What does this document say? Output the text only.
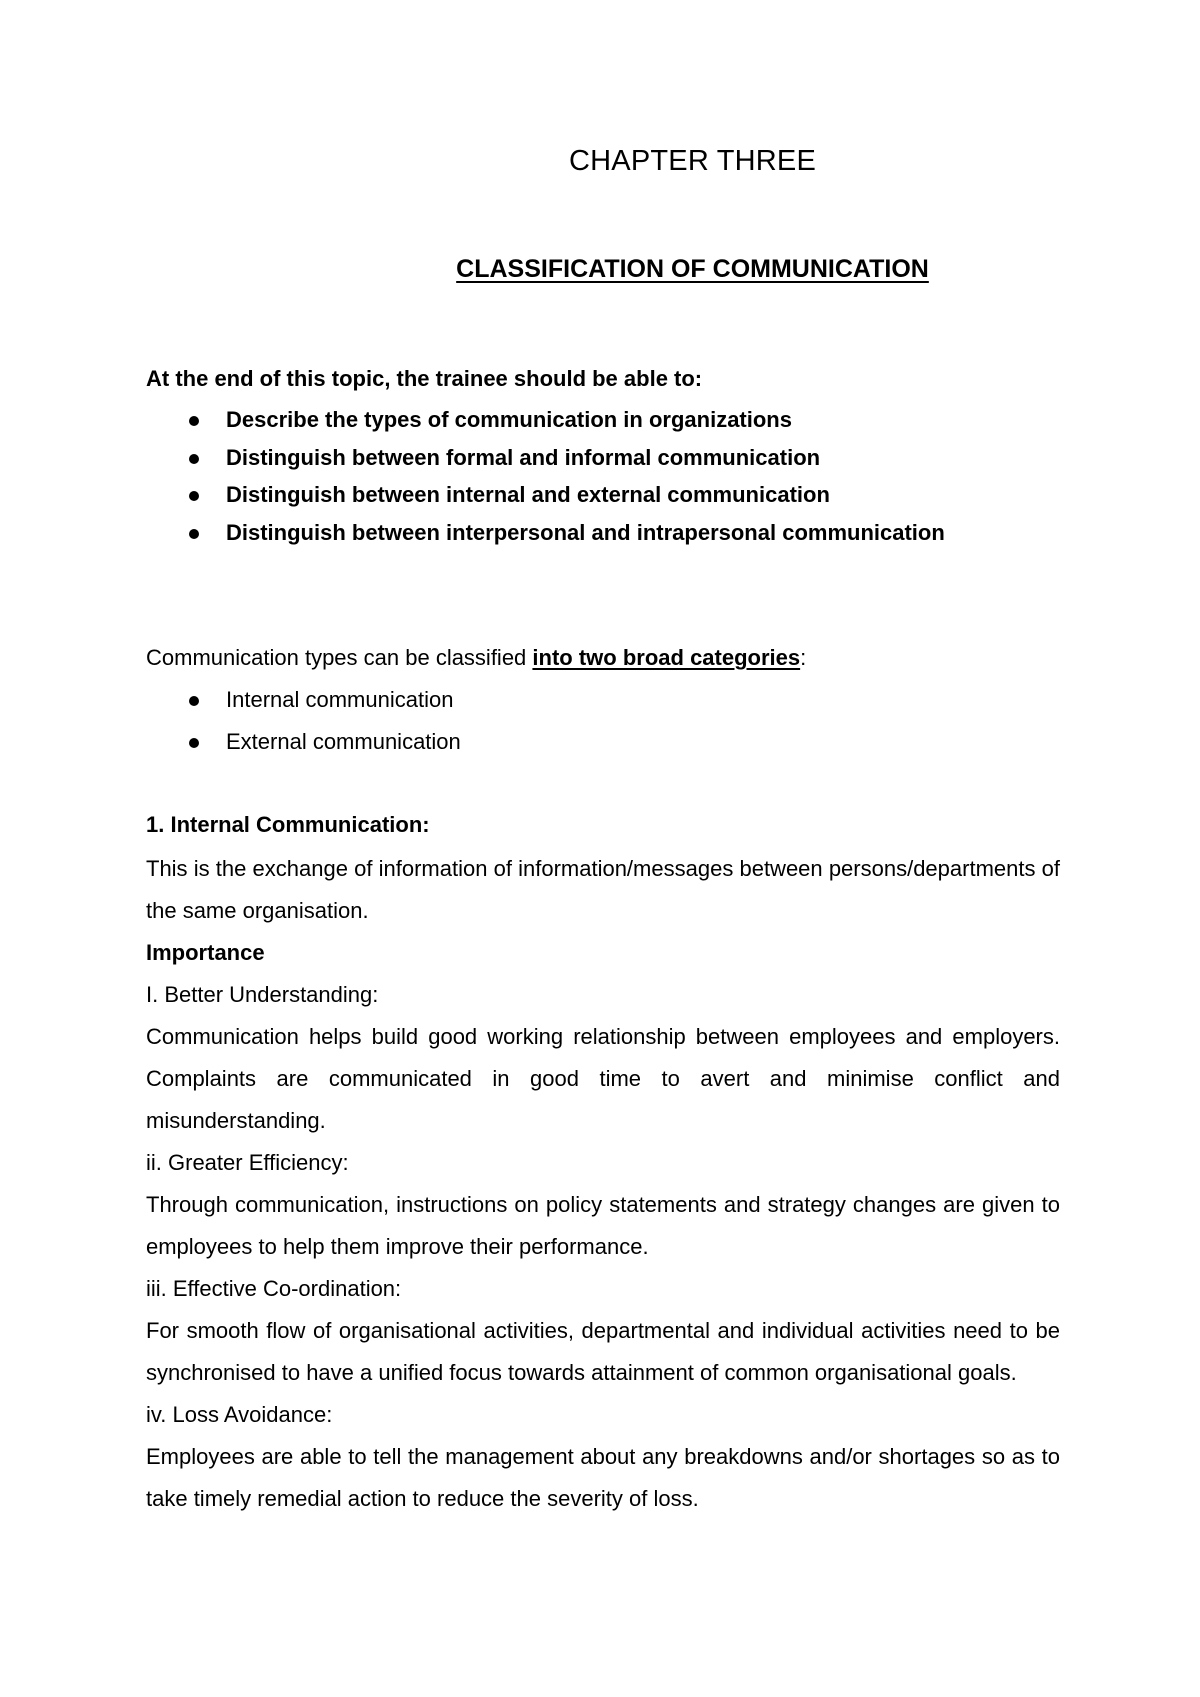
CHAPTER THREE
CLASSIFICATION OF COMMUNICATION
At the end of this topic, the trainee should be able to:
Describe the types of communication in organizations
Distinguish between formal and informal communication
Distinguish between internal and external communication
Distinguish between interpersonal and intrapersonal communication
Communication types can be classified into two broad categories:
Internal communication
External communication
1. Internal Communication:

This is the exchange of information of information/messages between persons/departments of the same organisation.

Importance

I. Better Understanding:

Communication helps build good working relationship between employees and employers. Complaints are communicated in good time to avert and minimise conflict and misunderstanding.

ii. Greater Efficiency:

Through communication, instructions on policy statements and strategy changes are given to employees to help them improve their performance.

iii. Effective Co-ordination:

For smooth flow of organisational activities, departmental and individual activities need to be synchronised to have a unified focus towards attainment of common organisational goals.

iv. Loss Avoidance:

Employees are able to tell the management about any breakdowns and/or shortages so as to take timely remedial action to reduce the severity of loss.
